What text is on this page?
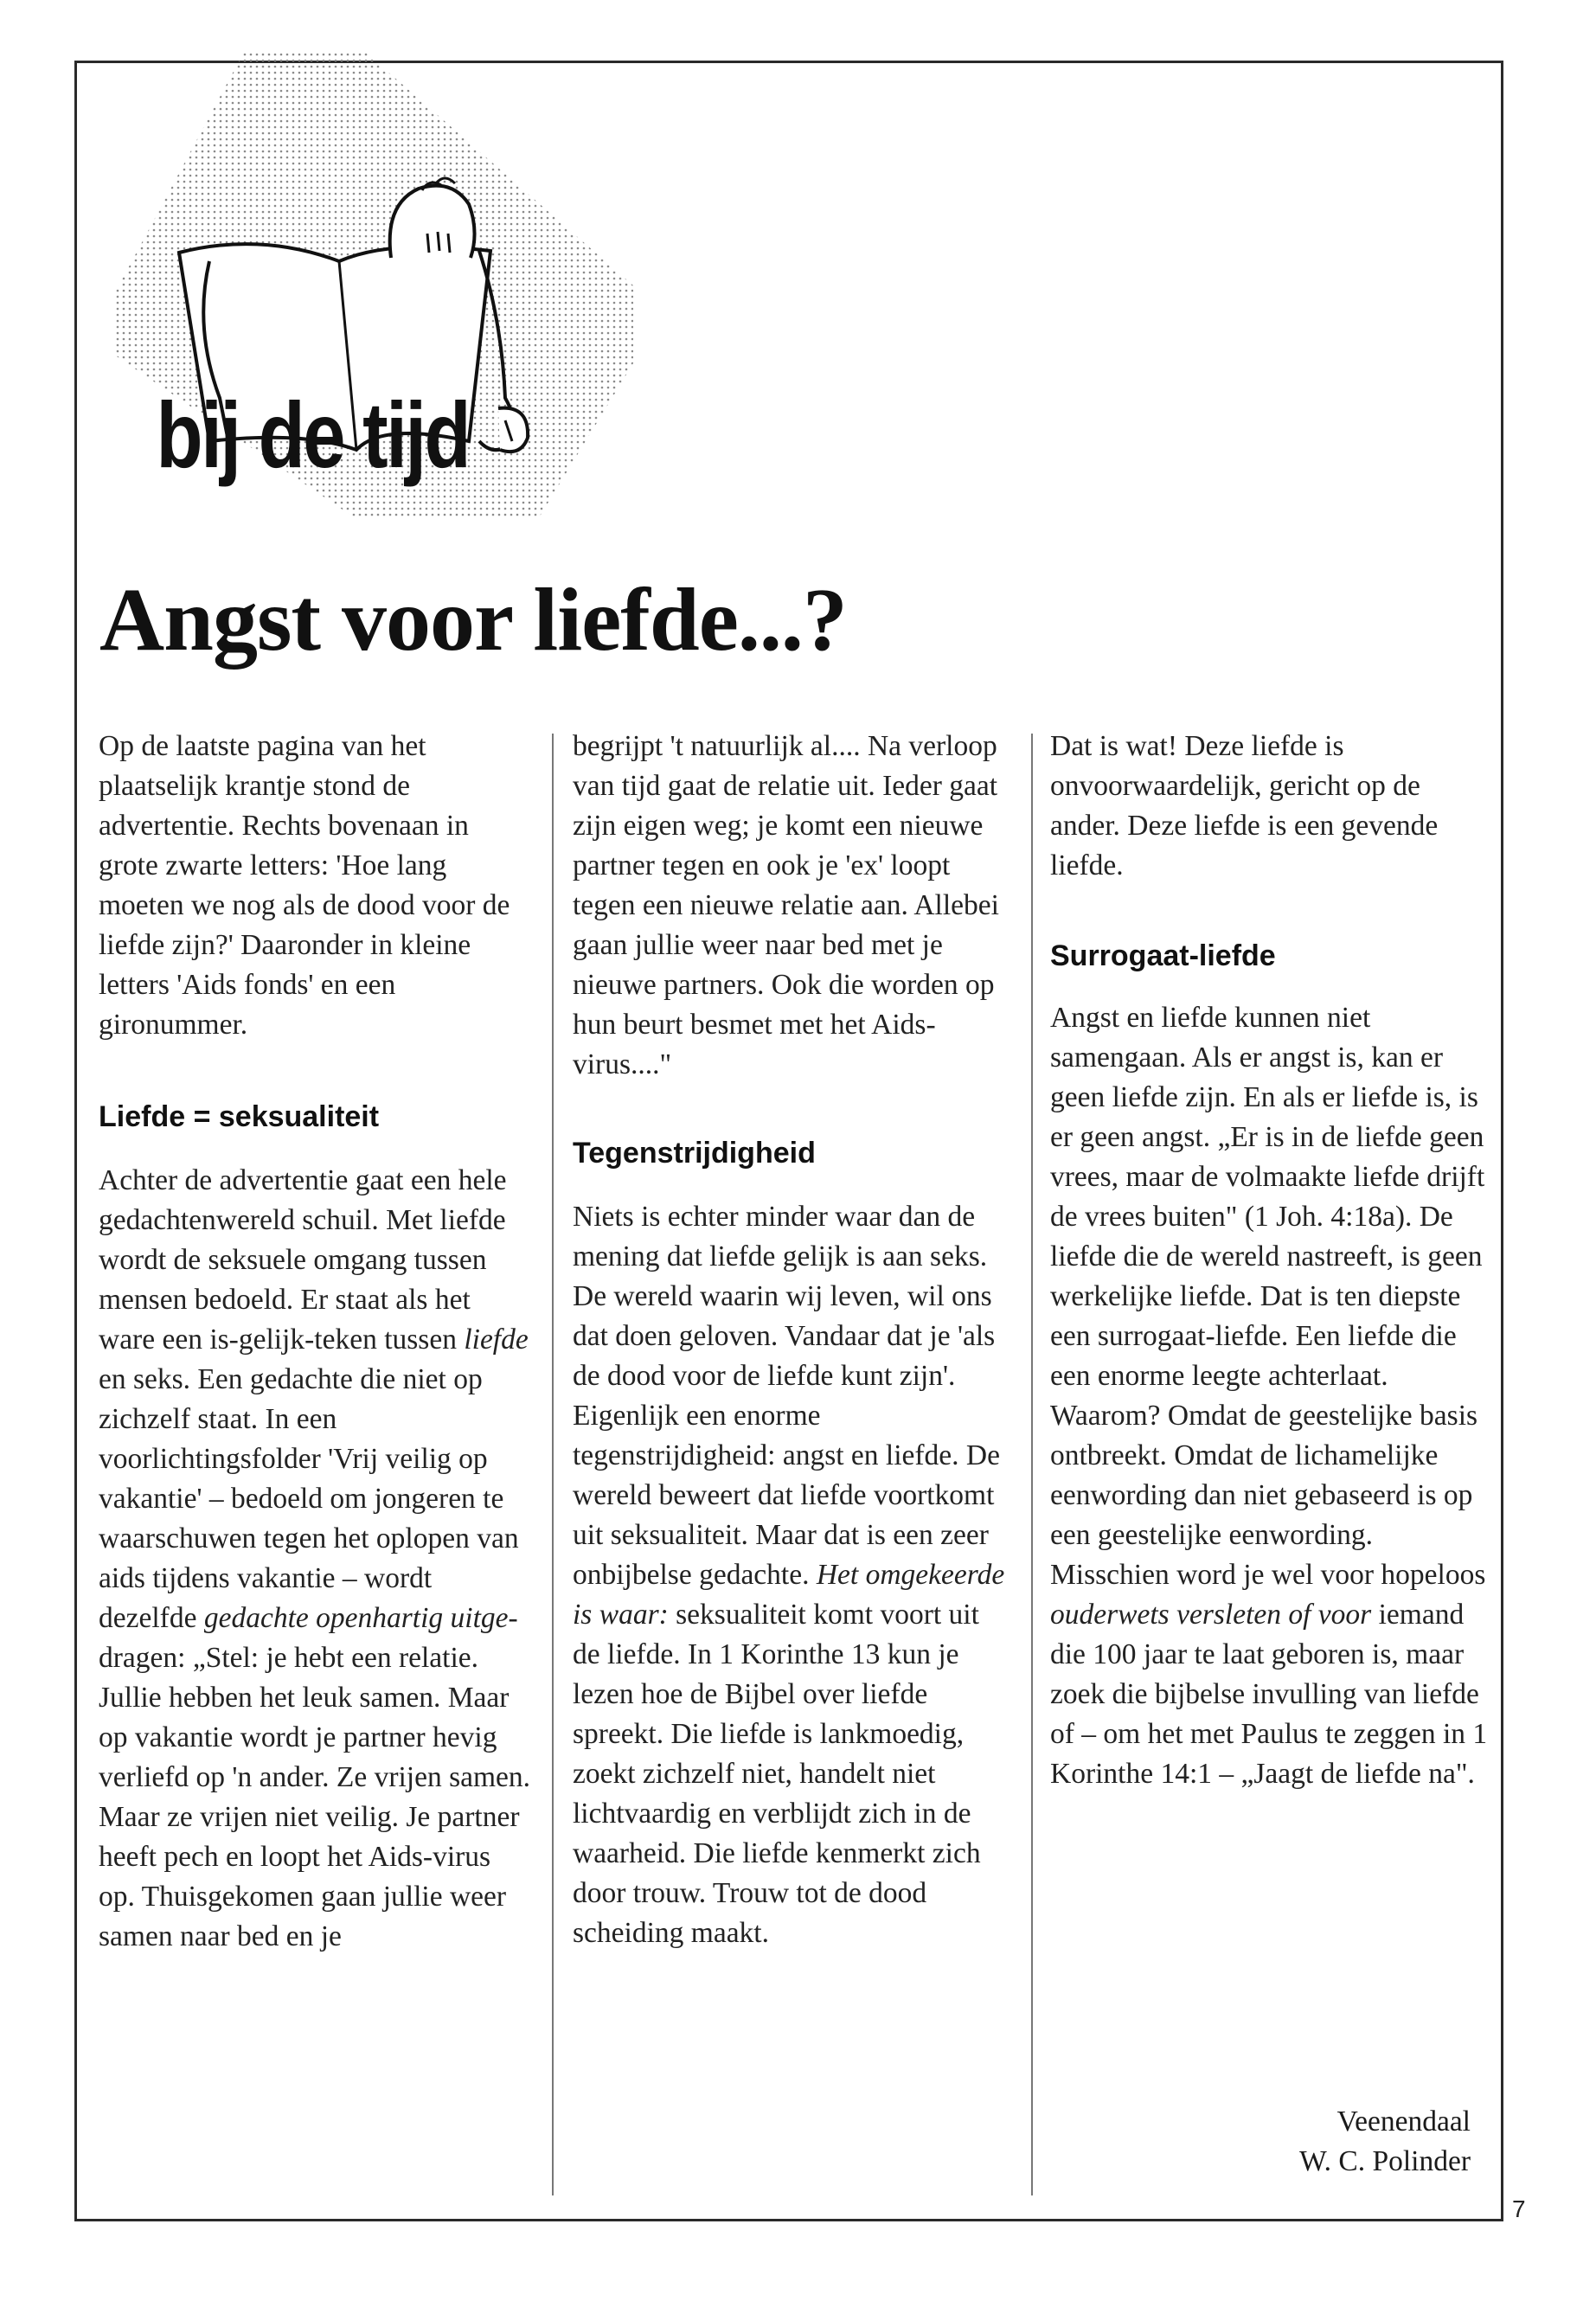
bij de tijd
Angst voor liefde...?

Op de laatste pagina van het plaatselijk krantje stond de advertentie. Rechts bovenaan in grote zwarte letters: 'Hoe lang moeten we nog als de dood voor de liefde zijn?' Daaronder in kleine letters 'Aids fonds' en een gironummer.

Liefde = seksualiteit

Achter de advertentie gaat een hele gedachtenwereld schuil. Met liefde wordt de seksuele omgang tussen mensen bedoeld. Er staat als het ware een is-gelijk-teken tussen liefde en seks. Een gedachte die niet op zichzelf staat. In een voorlichtingsfolder 'Vrij veilig op vakantie' – bedoeld om jongeren te waarschuwen tegen het oplopen van aids tijdens vakantie – wordt dezelfde gedachte openhartig uitge- dragen: „Stel: je hebt een relatie. Jullie hebben het leuk samen. Maar op vakantie wordt je partner hevig verliefd op 'n ander. Ze vrijen samen. Maar ze vrijen niet veilig. Je partner heeft pech en loopt het Aids-virus op. Thuisgekomen gaan jullie weer samen naar bed en je

begrijpt 't natuurlijk al.... Na verloop van tijd gaat de relatie uit. Ieder gaat zijn eigen weg; je komt een nieuwe partner tegen en ook je 'ex' loopt tegen een nieuwe relatie aan. Allebei gaan jullie weer naar bed met je nieuwe partners. Ook die worden op hun beurt besmet met het Aids-virus...."

Tegenstrijdigheid

Niets is echter minder waar dan de mening dat liefde gelijk is aan seks. De wereld waarin wij leven, wil ons dat doen geloven. Vandaar dat je 'als de dood voor de liefde kunt zijn'. Eigenlijk een enorme tegenstrijdigheid: angst en liefde. De wereld beweert dat liefde voortkomt uit seksualiteit. Maar dat is een zeer onbijbelse gedachte. Het omgekeerde is waar: seksualiteit komt voort uit de liefde. In 1 Korinthe 13 kun je lezen hoe de Bijbel over liefde spreekt. Die liefde is lankmoedig, zoekt zichzelf niet, handelt niet lichtvaardig en verblijdt zich in de waarheid. Die liefde kenmerkt zich door trouw. Trouw tot de dood scheiding maakt.

Dat is wat! Deze liefde is onvoorwaardelijk, gericht op de ander. Deze liefde is een gevende liefde.

Surrogaat-liefde

Angst en liefde kunnen niet samengaan. Als er angst is, kan er geen liefde zijn. En als er liefde is, is er geen angst. „Er is in de liefde geen vrees, maar de volmaakte liefde drijft de vrees buiten" (1 Joh. 4:18a). De liefde die de wereld nastreeft, is geen werkelijke liefde. Dat is ten diepste een surrogaat-liefde. Een liefde die een enorme leegte achterlaat. Waarom? Omdat de geestelijke basis ontbreekt. Omdat de lichamelijke eenwording dan niet gebaseerd is op een geestelijke eenwording. Misschien word je wel voor hopeloos ouderwets versleten of voor iemand die 100 jaar te laat geboren is, maar zoek die bijbelse invulling van liefde of – om het met Paulus te zeggen in 1 Korinthe 14:1 – „Jaagt de liefde na".

Veenendaal
W. C. Polinder
7
